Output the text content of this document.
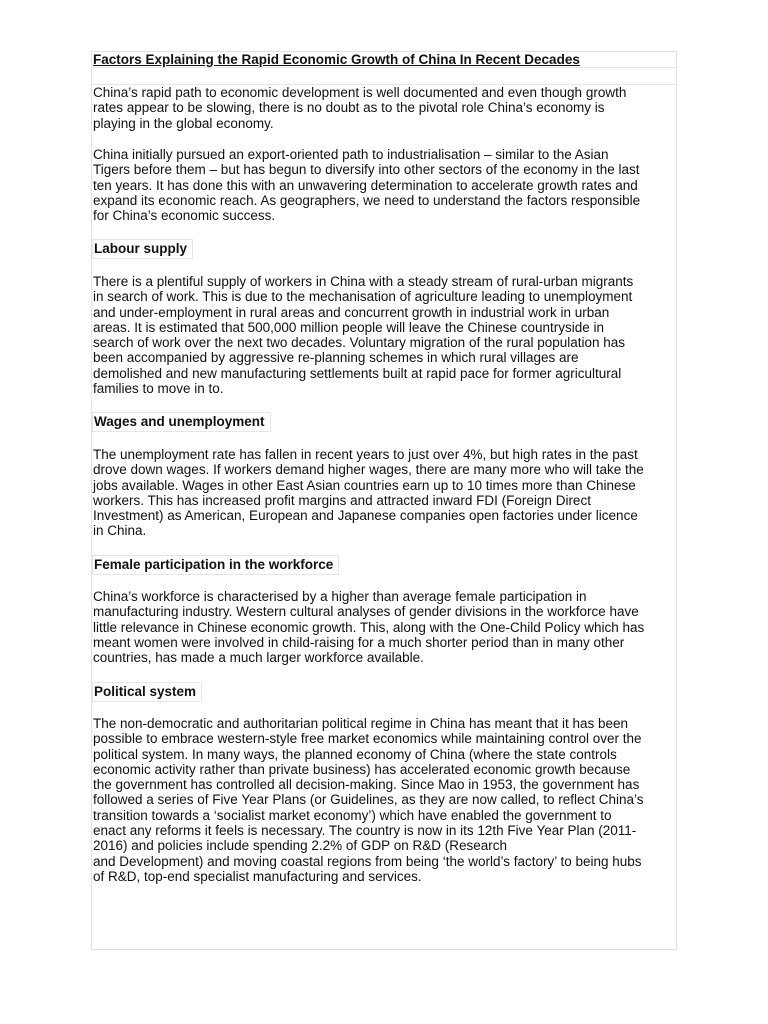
Factors Explaining the Rapid Economic Growth of China In Recent Decades

China’s rapid path to economic development is well documented and even though growth
rates appear to be slowing, there is no doubt as to the pivotal role China’s economy is
playing in the global economy.

China initially pursued an export-oriented path to industrialisation – similar to the Asian
Tigers before them – but has begun to diversify into other sectors of the economy in the last
ten years. It has done this with an unwavering determination to accelerate growth rates and
expand its economic reach. As geographers, we need to understand the factors responsible
for China’s economic success.

Labour supply

There is a plentiful supply of workers in China with a steady stream of rural-urban migrants
in search of work. This is due to the mechanisation of agriculture leading to unemployment
and under-employment in rural areas and concurrent growth in industrial work in urban
areas. It is estimated that 500,000 million people will leave the Chinese countryside in
search of work over the next two decades. Voluntary migration of the rural population has
been accompanied by aggressive re-planning schemes in which rural villages are
demolished and new manufacturing settlements built at rapid pace for former agricultural
families to move in to.

Wages and unemployment

The unemployment rate has fallen in recent years to just over 4%, but high rates in the past
drove down wages. If workers demand higher wages, there are many more who will take the
jobs available. Wages in other East Asian countries earn up to 10 times more than Chinese
workers. This has increased profit margins and attracted inward FDI (Foreign Direct
Investment) as American, European and Japanese companies open factories under licence
in China.

Female participation in the workforce

China’s workforce is characterised by a higher than average female participation in
manufacturing industry. Western cultural analyses of gender divisions in the workforce have
little relevance in Chinese economic growth. This, along with the One-Child Policy which has
meant women were involved in child-raising for a much shorter period than in many other
countries, has made a much larger workforce available.

Political system

The non-democratic and authoritarian political regime in China has meant that it has been
possible to embrace western-style free market economics while maintaining control over the
political system. In many ways, the planned economy of China (where the state controls
economic activity rather than private business) has accelerated economic growth because
the government has controlled all decision-making. Since Mao in 1953, the government has
followed a series of Five Year Plans (or Guidelines, as they are now called, to reflect China’s
transition towards a ‘socialist market economy’) which have enabled the government to
enact any reforms it feels is necessary. The country is now in its 12th Five Year Plan (2011-
2016) and policies include spending 2.2% of GDP on R&D (Research
and Development) and moving coastal regions from being ‘the world’s factory’ to being hubs
of R&D, top-end specialist manufacturing and services.
